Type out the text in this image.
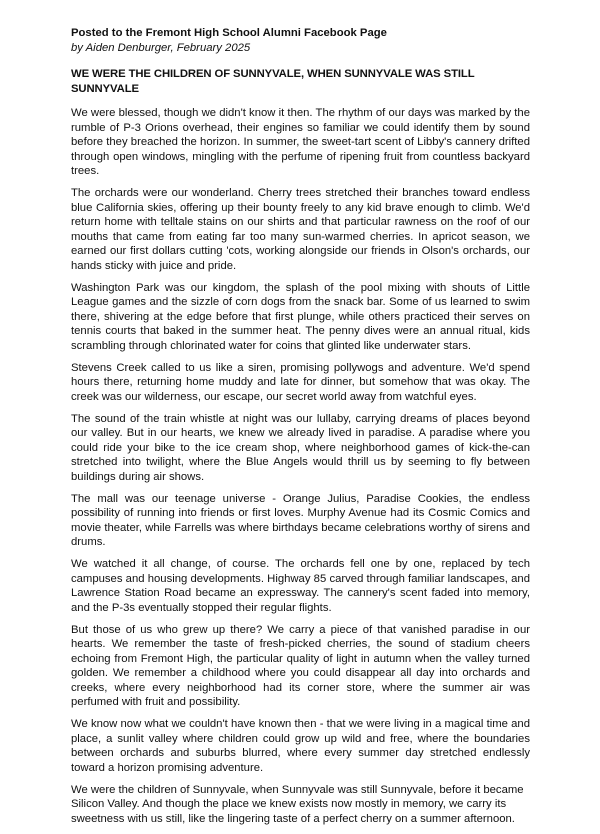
Posted to the Fremont High School Alumni Facebook Page

by Aiden Denburger, February 2025

WE WERE THE CHILDREN OF SUNNYVALE, WHEN SUNNYVALE WAS STILL SUNNYVALE

We were blessed, though we didn't know it then. The rhythm of our days was marked by the rumble of P-3 Orions overhead, their engines so familiar we could identify them by sound before they breached the horizon. In summer, the sweet-tart scent of Libby's cannery drifted through open windows, mingling with the perfume of ripening fruit from countless backyard trees.

The orchards were our wonderland. Cherry trees stretched their branches toward endless blue California skies, offering up their bounty freely to any kid brave enough to climb. We'd return home with telltale stains on our shirts and that particular rawness on the roof of our mouths that came from eating far too many sun-warmed cherries. In apricot season, we earned our first dollars cutting 'cots, working alongside our friends in Olson's orchards, our hands sticky with juice and pride.

Washington Park was our kingdom, the splash of the pool mixing with shouts of Little League games and the sizzle of corn dogs from the snack bar. Some of us learned to swim there, shivering at the edge before that first plunge, while others practiced their serves on tennis courts that baked in the summer heat. The penny dives were an annual ritual, kids scrambling through chlorinated water for coins that glinted like underwater stars.

Stevens Creek called to us like a siren, promising pollywogs and adventure. We'd spend hours there, returning home muddy and late for dinner, but somehow that was okay. The creek was our wilderness, our escape, our secret world away from watchful eyes.

The sound of the train whistle at night was our lullaby, carrying dreams of places beyond our valley. But in our hearts, we knew we already lived in paradise. A paradise where you could ride your bike to the ice cream shop, where neighborhood games of kick-the-can stretched into twilight, where the Blue Angels would thrill us by seeming to fly between buildings during air shows.

The mall was our teenage universe - Orange Julius, Paradise Cookies, the endless possibility of running into friends or first loves. Murphy Avenue had its Cosmic Comics and movie theater, while Farrells was where birthdays became celebrations worthy of sirens and drums.

We watched it all change, of course. The orchards fell one by one, replaced by tech campuses and housing developments. Highway 85 carved through familiar landscapes, and Lawrence Station Road became an expressway. The cannery's scent faded into memory, and the P-3s eventually stopped their regular flights.

But those of us who grew up there? We carry a piece of that vanished paradise in our hearts. We remember the taste of fresh-picked cherries, the sound of stadium cheers echoing from Fremont High, the particular quality of light in autumn when the valley turned golden. We remember a childhood where you could disappear all day into orchards and creeks, where every neighborhood had its corner store, where the summer air was perfumed with fruit and possibility.

We know now what we couldn't have known then - that we were living in a magical time and place, a sunlit valley where children could grow up wild and free, where the boundaries between orchards and suburbs blurred, where every summer day stretched endlessly toward a horizon promising adventure.

We were the children of Sunnyvale, when Sunnyvale was still Sunnyvale, before it became Silicon Valley. And though the place we knew exists now mostly in memory, we carry its sweetness with us still, like the lingering taste of a perfect cherry on a summer afternoon.
